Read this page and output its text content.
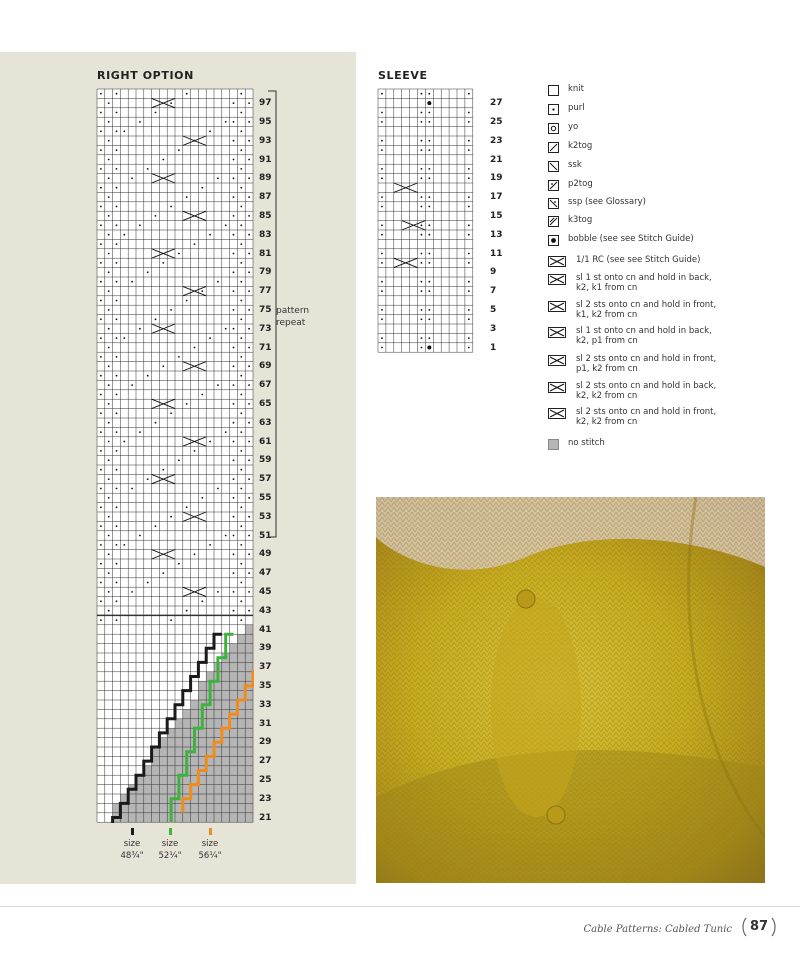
RIGHT OPTION
97
95
93
91
89
87
85
83
81
79
77
75
73
71
69
67
65
63
61
59
57
55
53
51
49
47
45
43
41
39
37
35
33
31
29
27
25
23
21
pattern
repeat
size
48¾"
size
52¼"
size
56¼"
SLEEVE
27
25
23
21
19
17
15
13
11
9
7
5
3
1
knit
purl
yo
k2tog
ssk
p2tog
ssp (see Glossary)
k3tog
bobble (see see Stitch Guide)
1/1 RC (see see Stitch Guide)
sl 1 st onto cn and hold in back,
k2, k1 from cn
sl 2 sts onto cn and hold in front,
k1, k2 from cn
sl 1 st onto cn and hold in back,
k2, p1 from cn
sl 2 sts onto cn and hold in front,
p1, k2 from cn
sl 2 sts onto cn and hold in back,
k2, k2 from cn
sl 2 sts onto cn and hold in front,
k2, k2 from cn
no stitch
Cable Patterns: Cabled Tunic	87
